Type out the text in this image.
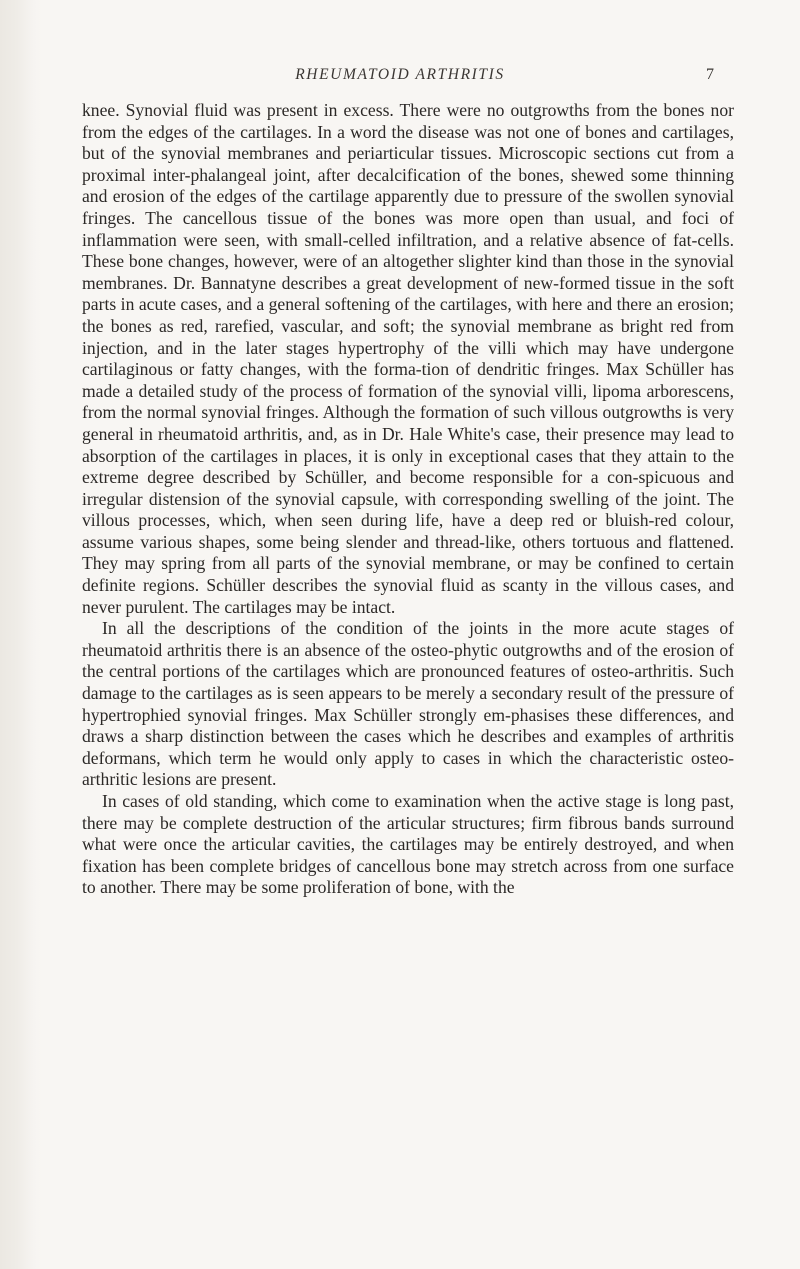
RHEUMATOID ARTHRITIS	7

knee. Synovial fluid was present in excess. There were no outgrowths from the bones nor from the edges of the cartilages. In a word the disease was not one of bones and cartilages, but of the synovial membranes and periarticular tissues. Microscopic sections cut from a proximal inter-phalangeal joint, after decalcification of the bones, shewed some thinning and erosion of the edges of the cartilage apparently due to pressure of the swollen synovial fringes. The cancellous tissue of the bones was more open than usual, and foci of inflammation were seen, with small-celled infiltration, and a relative absence of fat-cells. These bone changes, however, were of an altogether slighter kind than those in the synovial membranes. Dr. Bannatyne describes a great development of new-formed tissue in the soft parts in acute cases, and a general softening of the cartilages, with here and there an erosion; the bones as red, rarefied, vascular, and soft; the synovial membrane as bright red from injection, and in the later stages hypertrophy of the villi which may have undergone cartilaginous or fatty changes, with the forma-tion of dendritic fringes. Max Schüller has made a detailed study of the process of formation of the synovial villi, lipoma arborescens, from the normal synovial fringes. Although the formation of such villous outgrowths is very general in rheumatoid arthritis, and, as in Dr. Hale White's case, their presence may lead to absorption of the cartilages in places, it is only in exceptional cases that they attain to the extreme degree described by Schüller, and become responsible for a con-spicuous and irregular distension of the synovial capsule, with corresponding swelling of the joint. The villous processes, which, when seen during life, have a deep red or bluish-red colour, assume various shapes, some being slender and thread-like, others tortuous and flattened. They may spring from all parts of the synovial membrane, or may be confined to certain definite regions. Schüller describes the synovial fluid as scanty in the villous cases, and never purulent. The cartilages may be intact.

In all the descriptions of the condition of the joints in the more acute stages of rheumatoid arthritis there is an absence of the osteo-phytic outgrowths and of the erosion of the central portions of the cartilages which are pronounced features of osteo-arthritis. Such damage to the cartilages as is seen appears to be merely a secondary result of the pressure of hypertrophied synovial fringes. Max Schüller strongly em-phasises these differences, and draws a sharp distinction between the cases which he describes and examples of arthritis deformans, which term he would only apply to cases in which the characteristic osteo-arthritic lesions are present.

In cases of old standing, which come to examination when the active stage is long past, there may be complete destruction of the articular structures; firm fibrous bands surround what were once the articular cavities, the cartilages may be entirely destroyed, and when fixation has been complete bridges of cancellous bone may stretch across from one surface to another. There may be some proliferation of bone, with the
